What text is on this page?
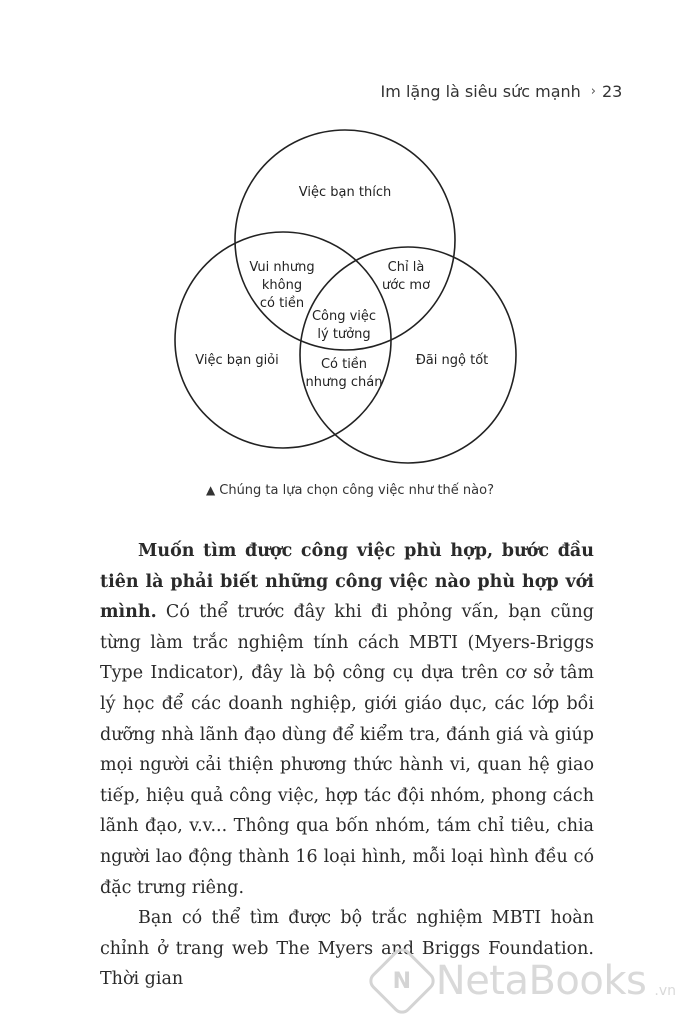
Im lặng là siêu sức mạnh › 23
Việc bạn thích
Việc bạn giỏi	Đãi ngộ tốt
Vui nhưng
không
có tiền
Chỉ là
ước mơ
Công việc
lý tưởng
Có tiền
nhưng chán
▲ Chúng ta lựa chọn công việc như thế nào?

Muốn tìm được công việc phù hợp, bước đầu tiên là phải biết những công việc nào phù hợp với mình. Có thể trước đây khi đi phỏng vấn, bạn cũng từng làm trắc nghiệm tính cách MBTI (Myers-Briggs Type Indicator), đây là bộ công cụ dựa trên cơ sở tâm lý học để các doanh nghiệp, giới giáo dục, các lớp bồi dưỡng nhà lãnh đạo dùng để kiểm tra, đánh giá và giúp mọi người cải thiện phương thức hành vi, quan hệ giao tiếp, hiệu quả công việc, hợp tác đội nhóm, phong cách lãnh đạo, v.v... Thông qua bốn nhóm, tám chỉ tiêu, chia người lao động thành 16 loại hình, mỗi loại hình đều có đặc trưng riêng.

Bạn có thể tìm được bộ trắc nghiệm MBTI hoàn chỉnh ở trang web The Myers and Briggs Foundation. Thời gian	N NetaBooks .vn
